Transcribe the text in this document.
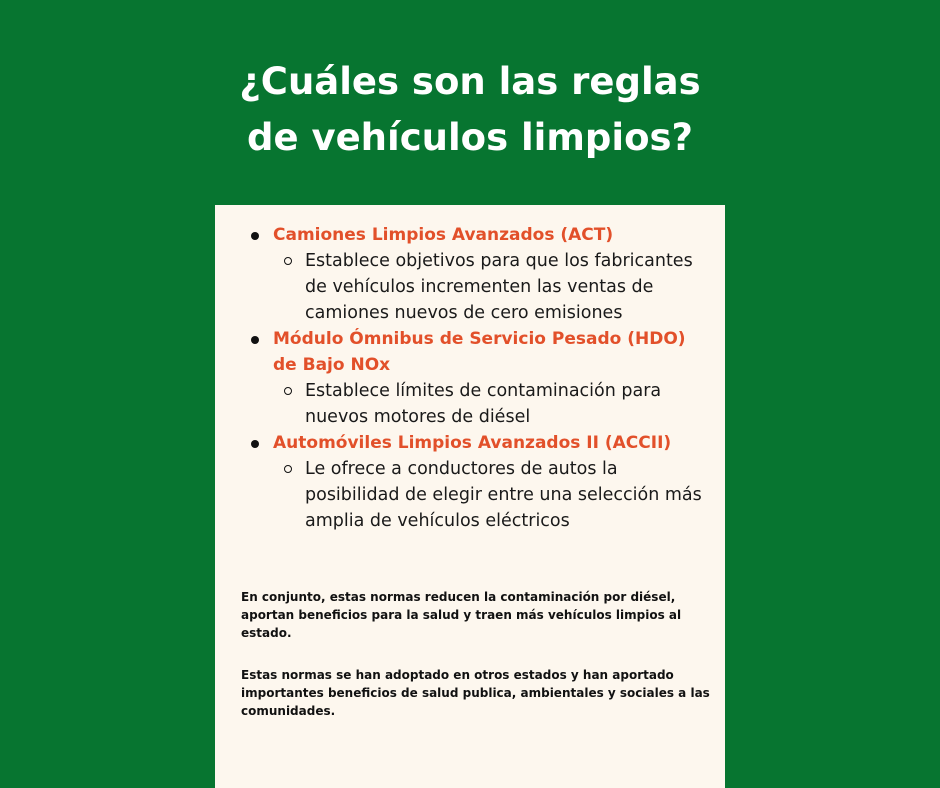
¿Cuáles son las reglas
de vehículos limpios?
Camiones Limpios Avanzados (ACT)
Establece objetivos para que los fabricantes de vehículos incrementen las ventas de camiones nuevos de cero emisiones
Módulo Ómnibus de Servicio Pesado (HDO) de Bajo NOx
Establece límites de contaminación para nuevos motores de diésel
Automóviles Limpios Avanzados II (ACCII)
Le ofrece a conductores de autos la posibilidad de elegir entre una selección más amplia de vehículos eléctricos

En conjunto, estas normas reducen la contaminación por diésel, aportan beneficios para la salud y traen más vehículos limpios al estado.

Estas normas se han adoptado en otros estados y han aportado importantes beneficios de salud publica, ambientales y sociales a las comunidades.
